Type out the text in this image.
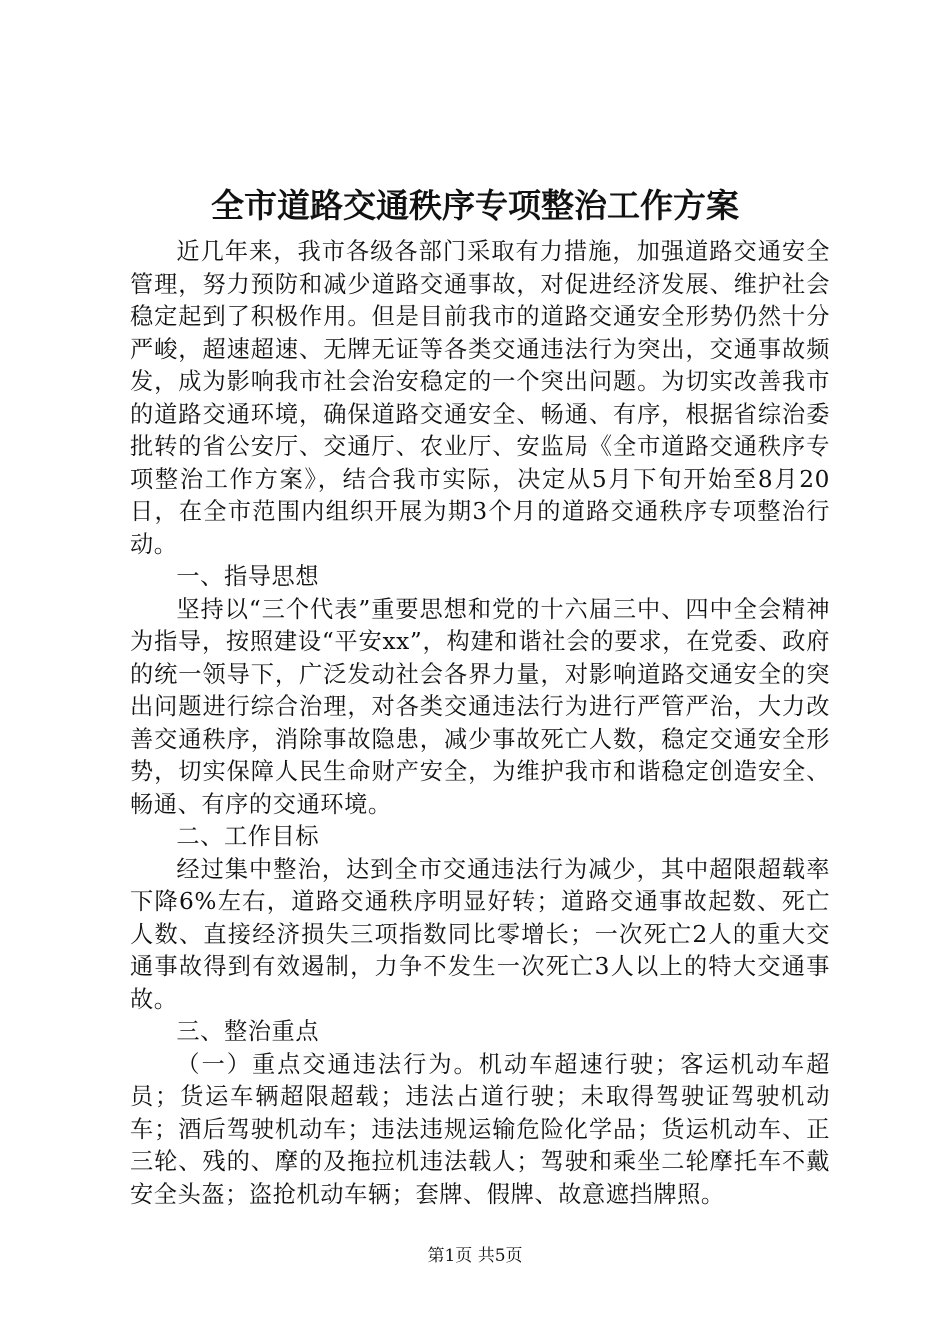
全市道路交通秩序专项整治工作方案

近几年来，我市各级各部门采取有力措施，加强道路交通安全管理，努力预防和减少道路交通事故，对促进经济发展、维护社会稳定起到了积极作用。但是目前我市的道路交通安全形势仍然十分严峻，超速超速、无牌无证等各类交通违法行为突出，交通事故频发，成为影响我市社会治安稳定的一个突出问题。为切实改善我市的道路交通环境，确保道路交通安全、畅通、有序，根据省综治委批转的省公安厅、交通厅、农业厅、安监局《全市道路交通秩序专项整治工作方案》，结合我市实际，决定从5月下旬开始至8月20日，在全市范围内组织开展为期3个月的道路交通秩序专项整治行动。

一、指导思想

坚持以“三个代表”重要思想和党的十六届三中、四中全会精神为指导，按照建设“平安xx”，构建和谐社会的要求，在党委、政府的统一领导下，广泛发动社会各界力量，对影响道路交通安全的突出问题进行综合治理，对各类交通违法行为进行严管严治，大力改善交通秩序，消除事故隐患，减少事故死亡人数，稳定交通安全形势，切实保障人民生命财产安全，为维护我市和谐稳定创造安全、畅通、有序的交通环境。

二、工作目标

经过集中整治，达到全市交通违法行为减少，其中超限超载率下降6%左右，道路交通秩序明显好转；道路交通事故起数、死亡人数、直接经济损失三项指数同比零增长；一次死亡2人的重大交通事故得到有效遏制，力争不发生一次死亡3人以上的特大交通事故。

三、整治重点

（一）重点交通违法行为。机动车超速行驶；客运机动车超员；货运车辆超限超载；违法占道行驶；未取得驾驶证驾驶机动车；酒后驾驶机动车；违法违规运输危险化学品；货运机动车、正三轮、残的、摩的及拖拉机违法载人；驾驶和乘坐二轮摩托车不戴安全头盔；盗抢机动车辆；套牌、假牌、故意遮挡牌照。

第1页 共5页
